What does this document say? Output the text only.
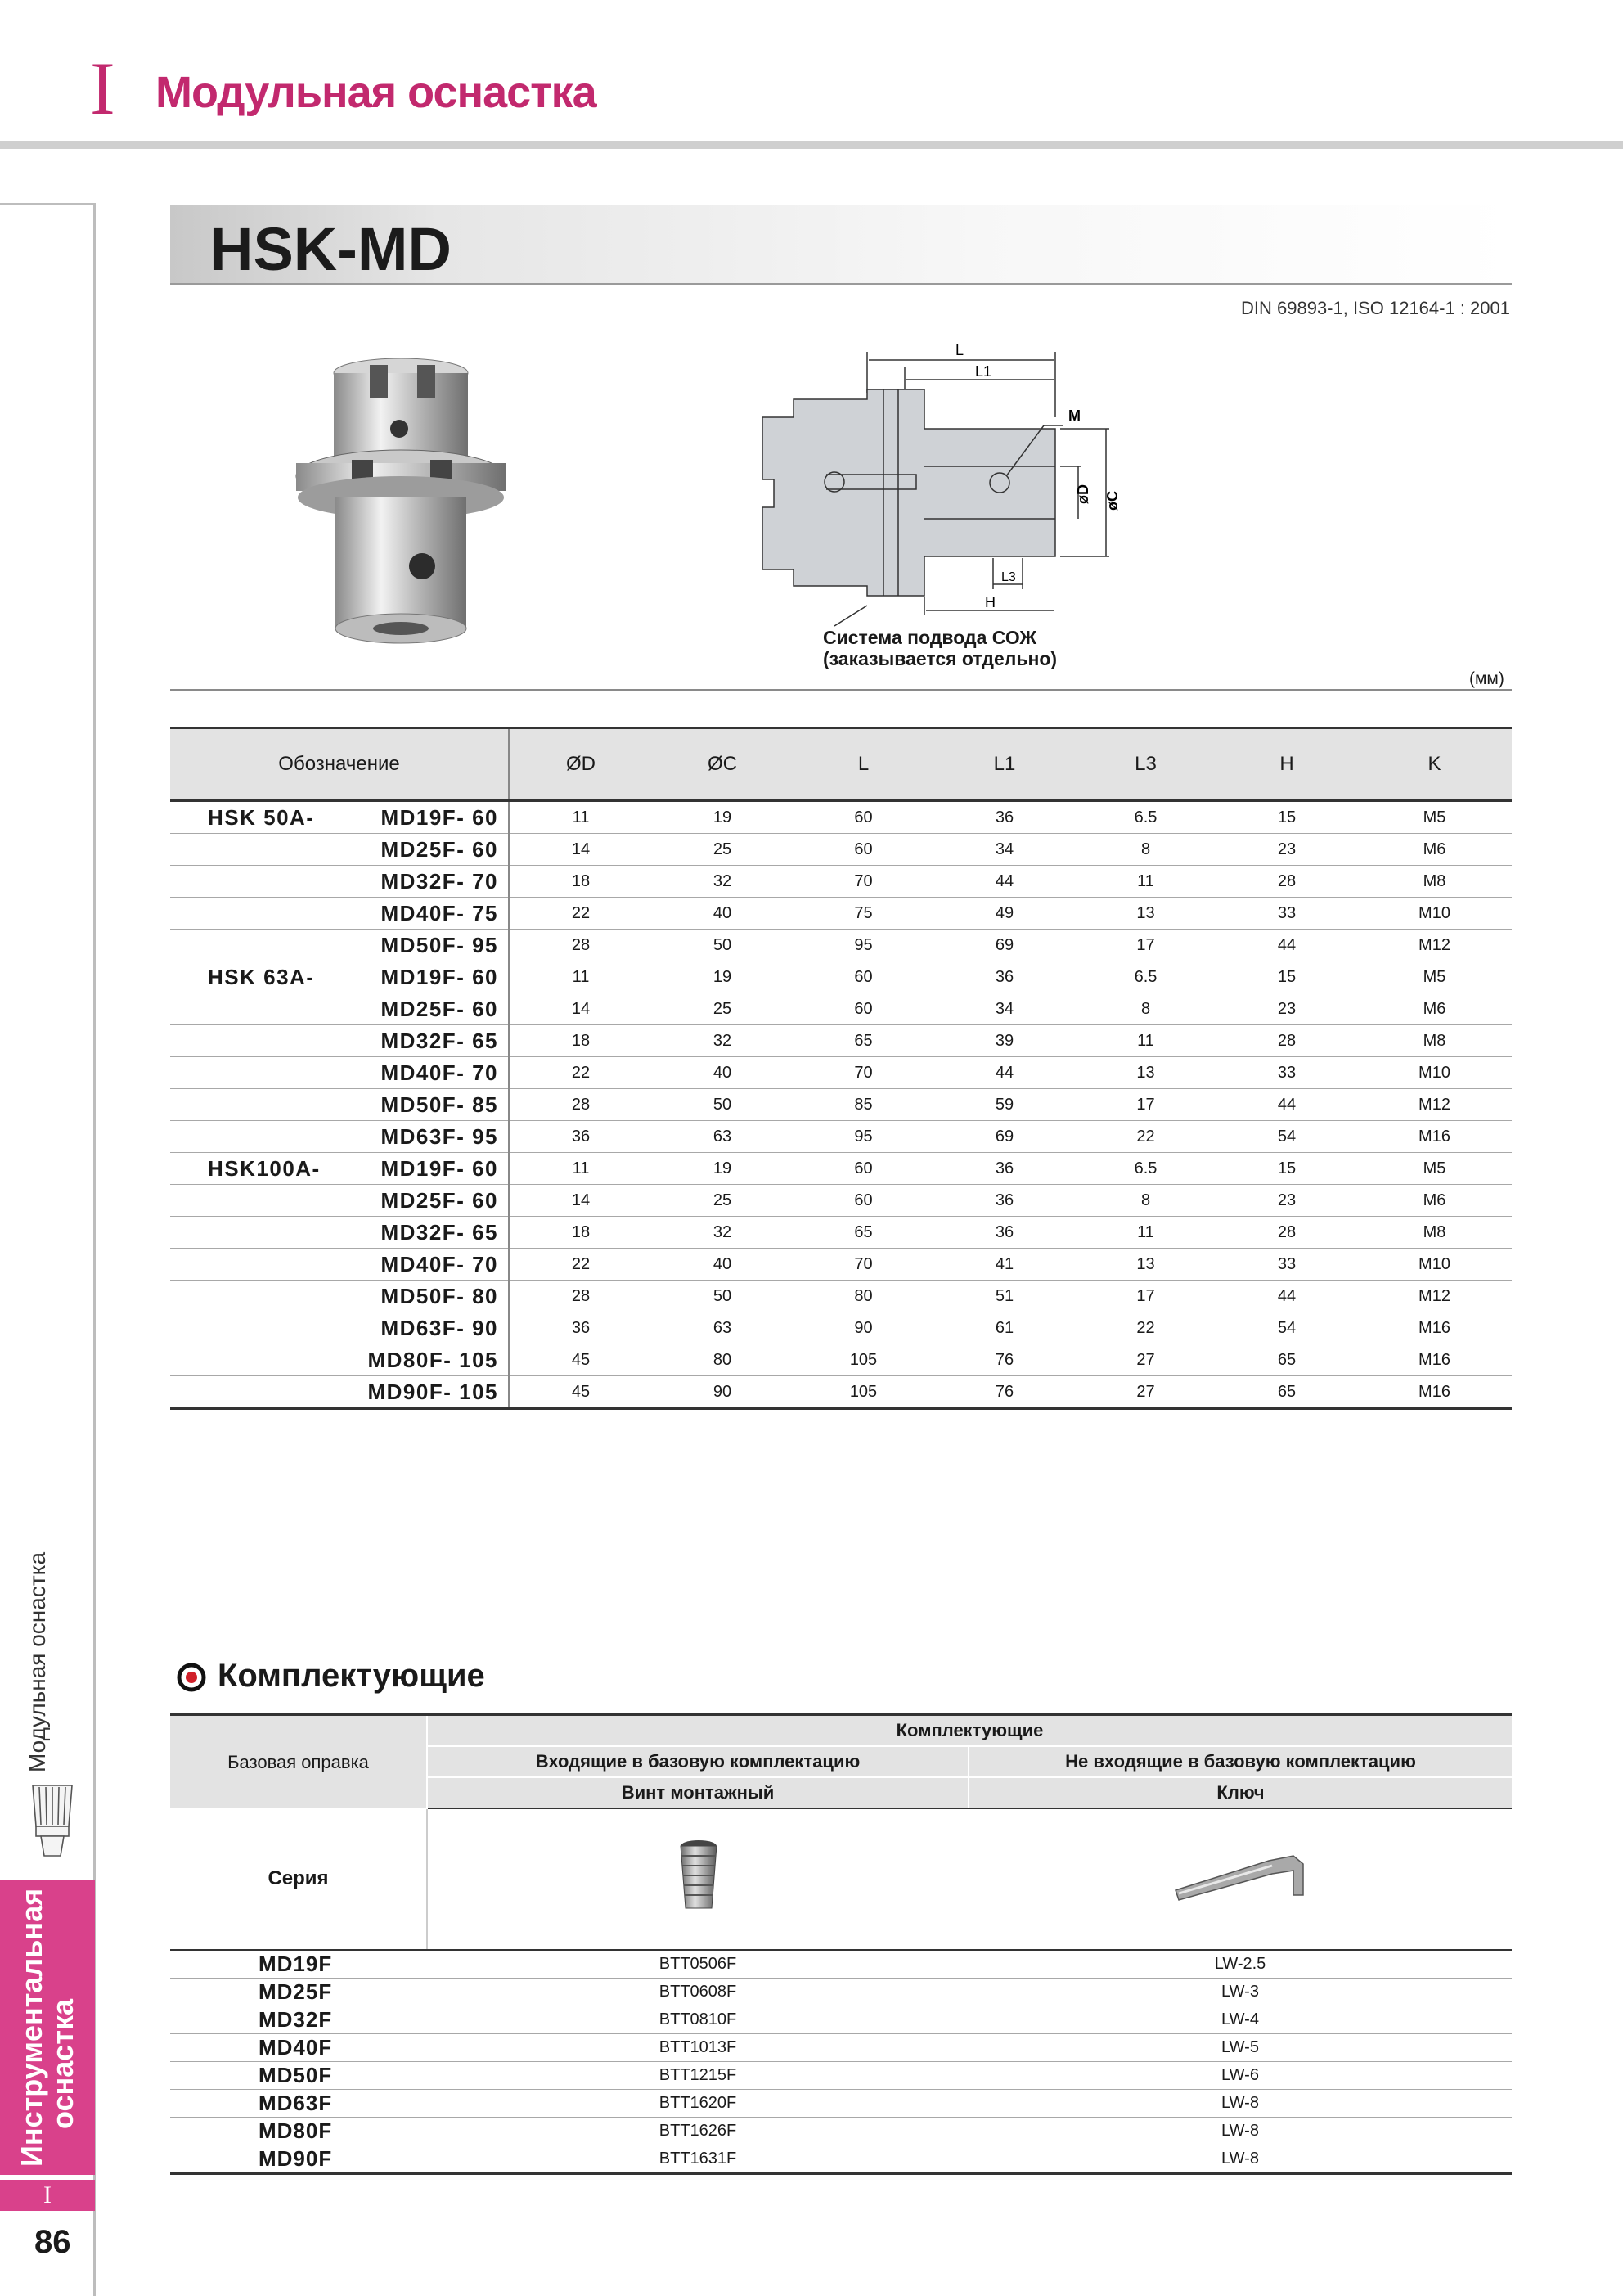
I Модульная оснастка
Модульная оснастка
Инструментальная
оснастка
I
86
HSK-MD
DIN 69893-1, ISO 12164-1 : 2001
L
L1
M
øD øC
L3
H
Система подвода СОЖ
(заказывается отдельно)
(мм)
Обозначение	ØD	ØC	L	L1	L3	H	K

HSK 50A- MD19F- 60	11	19	60	36	6.5	15	M5

MD25F- 60	14	25	60	34	8	23	M6

MD32F- 70	18	32	70	44	11	28	M8

MD40F- 75	22	40	75	49	13	33	M10

MD50F- 95	28	50	95	69	17	44	M12

HSK 63A- MD19F- 60	11	19	60	36	6.5	15	M5

MD25F- 60	14	25	60	34	8	23	M6

MD32F- 65	18	32	65	39	11	28	M8

MD40F- 70	22	40	70	44	13	33	M10

MD50F- 85	28	50	85	59	17	44	M12

MD63F- 95	36	63	95	69	22	54	M16

HSK100A- MD19F- 60	11	19	60	36	6.5	15	M5

MD25F- 60	14	25	60	36	8	23	M6

MD32F- 65	18	32	65	36	11	28	M8

MD40F- 70	22	40	70	41	13	33	M10

MD50F- 80	28	50	80	51	17	44	M12

MD63F- 90	36	63	90	61	22	54	M16

MD80F- 105	45	80	105	76	27	65	M16

MD90F- 105	45	90	105	76	27	65	M16
Комплектующие
Базовая оправка	Комплектующие	
	Входящие в базовую комплектацию	Не входящие в базовую комплектацию
	Винт монтажный	Ключ
Серия		
MD19F	BTT0506F	LW-2.5
MD25F	BTT0608F	LW-3
MD32F	BTT0810F	LW-4
MD40F	BTT1013F	LW-5
MD50F	BTT1215F	LW-6
MD63F	BTT1620F	LW-8
MD80F	BTT1626F	LW-8
MD90F	BTT1631F	LW-8
